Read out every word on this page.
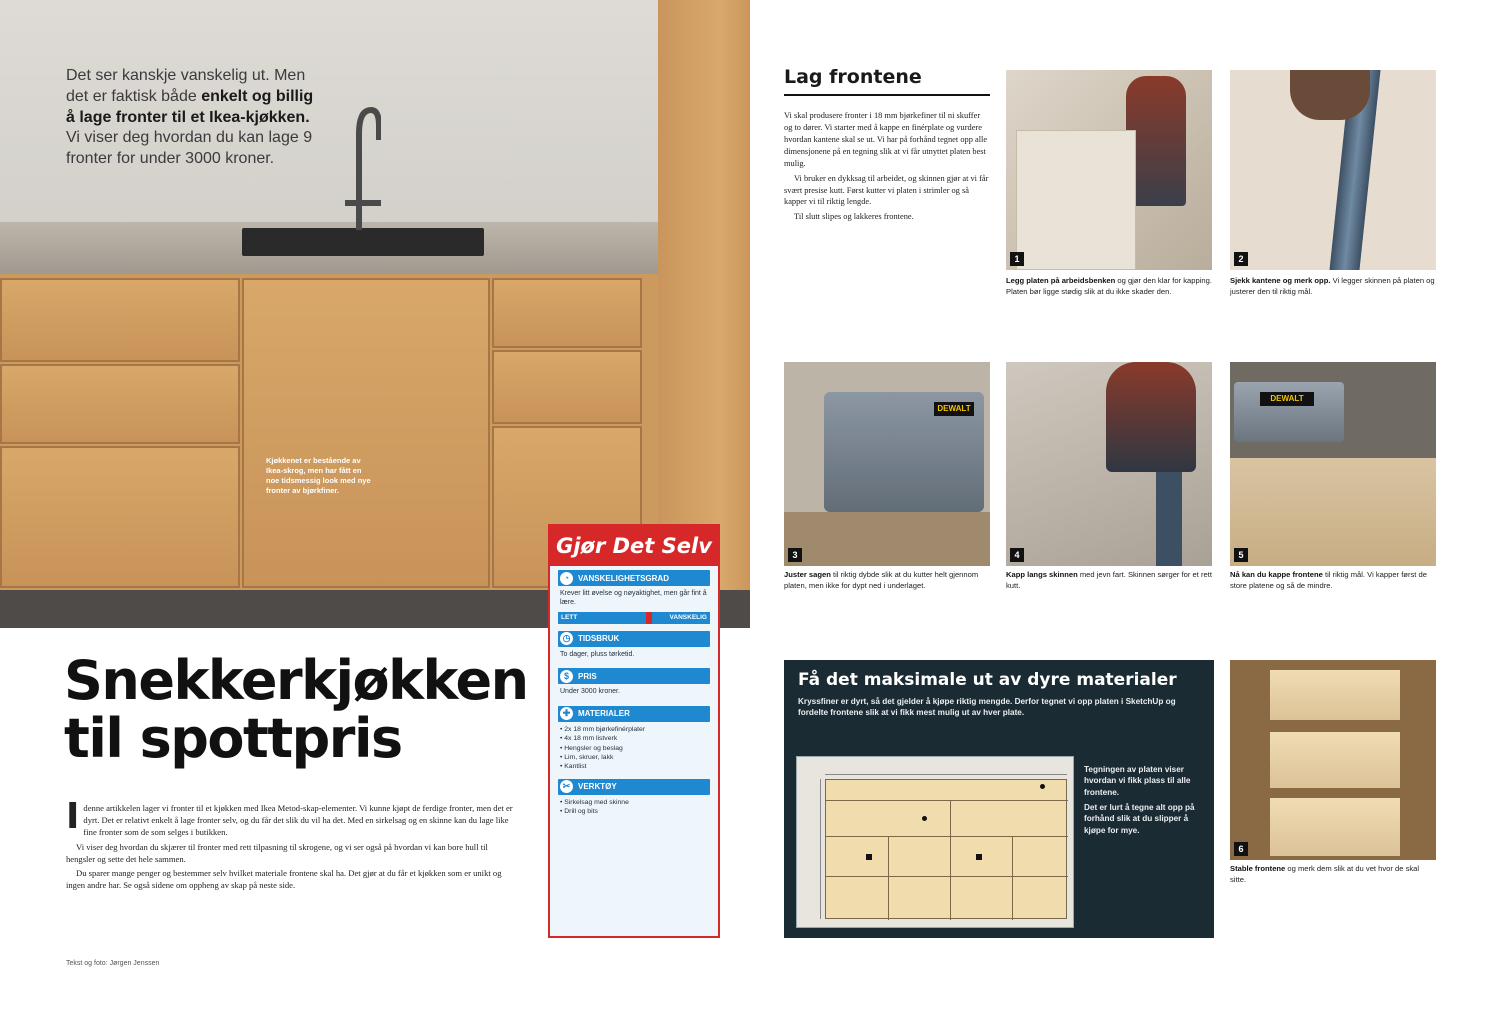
Det ser kanskje vanskelig ut. Men det er faktisk både enkelt og billig å lage fronter til et Ikea-kjøkken. Vi viser deg hvordan du kan lage 9 fronter for under 3000 kroner.
Kjøkkenet er bestående av Ikea-skrog, men har fått en noe tidsmessig look med nye fronter av bjørkfiner.
Snekkerkjøkken
til spottpris

Idenne artikkelen lager vi fronter til et kjøkken med Ikea Metod-skap-elementer. Vi kunne kjøpt de ferdige fronter, men det er dyrt. Det er relativt enkelt å lage fronter selv, og du får det slik du vil ha det. Med en sirkelsag og en skinne kan du lage like fine fronter som de som selges i butikken.

Vi viser deg hvordan du skjærer til fronter med rett tilpasning til skrogene, og vi ser også på hvordan vi kan bore hull til hengsler og sette det hele sammen.

Du sparer mange penger og bestemmer selv hvilket materiale frontene skal ha. Det gjør at du får et kjøkken som er unikt og ingen andre har. Se også sidene om oppheng av skap på neste side.

Tekst og foto: Jørgen Jenssen
Gjør Det Selv
◔	VANSKELIGHETSGRAD
Krever litt øvelse og nøyaktighet, men går fint å lære.
LETT	VANSKELIG
◷ TIDSBRUK
To dager, pluss tørketid.
$	PRIS
Under 3000 kroner.
✚ MATERIALER
• 2x 18 mm bjørkefinérplater
• 4x 18 mm listverk
• Hengsler og beslag
• Lim, skruer, lakk
• Kantlist
✂ VERKTØY
• Sirkelsag med skinne
• Drill og bits
Lag frontene

Vi skal produsere fronter i 18 mm bjørkefiner til ni skuffer og to dører. Vi starter med å kappe en finérplate og vurdere hvordan kantene skal se ut. Vi har på forhånd tegnet opp alle dimensjonene på en tegning slik at vi får utnyttet platen best mulig.

Vi bruker en dykksag til arbeidet, og skinnen gjør at vi får svært presise kutt. Først kutter vi platen i strimler og så kapper vi til riktig lengde.

Til slutt slipes og lakkeres frontene.

1	2
Legg platen på arbeidsbenken og gjør den klar for kapping. Platen bør ligge stødig slik at du ikke skader den.
Sjekk kantene og merk opp. Vi legger skinnen på platen og justerer den til riktig mål.
DEWALT
3	4
DEWALT
5
Juster sagen til riktig dybde slik at du kutter helt gjennom platen, men ikke for dypt ned i underlaget.
Kapp langs skinnen med jevn fart. Skinnen sørger for et rett kutt.
Nå kan du kappe frontene til riktig mål. Vi kapper først de store platene og så de mindre.
Få det maksimale ut av dyre materialer
Kryssfiner er dyrt, så det gjelder å kjøpe riktig mengde. Derfor tegnet vi opp platen i SketchUp og fordelte frontene slik at vi fikk mest mulig ut av hver plate.

Tegningen av platen viser hvordan vi fikk plass til alle frontene.

Det er lurt å tegne alt opp på forhånd slik at du slipper å kjøpe for mye.

6
Stable frontene og merk dem slik at du vet hvor de skal sitte.
